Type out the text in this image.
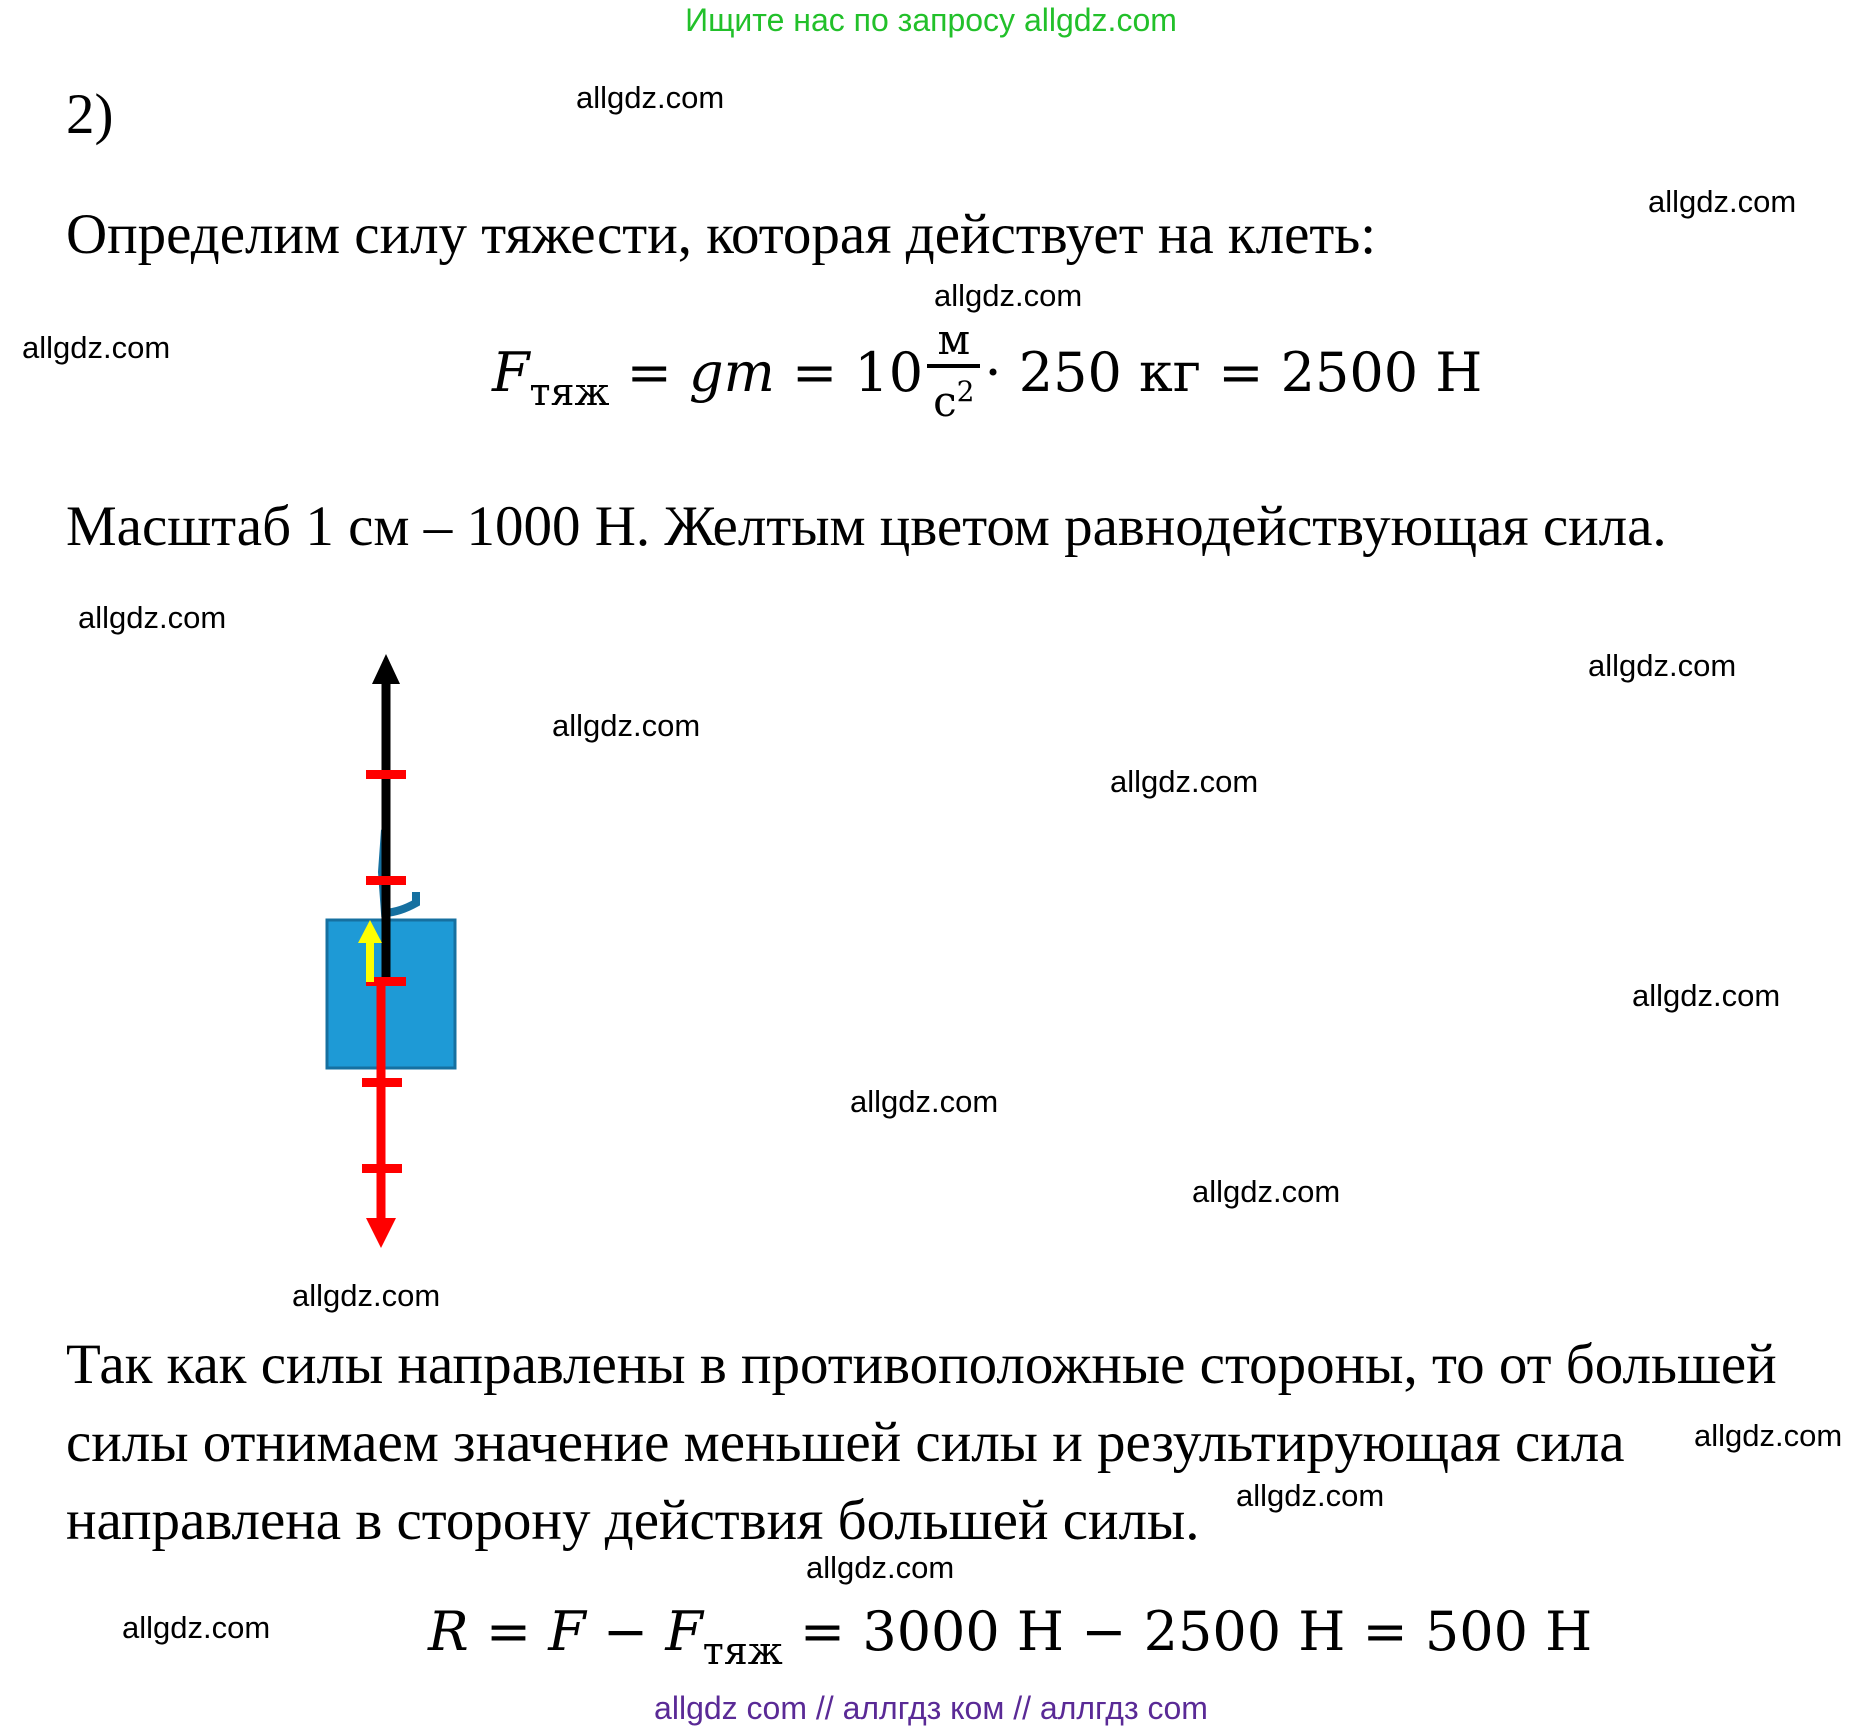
Ищите нас по запросу allgdz.com
2)
Определим силу тяжести, которая действует на клеть:
$F_{тяж}$ = gm = $10 \frac{м}{с^2} \cdot 250$ кг = 2500 Н
Масштаб 1 см – 1000 Н. Желтым цветом равнодействующая сила.
Так как силы направлены в противоположные стороны, то от большей
силы отнимаем значение меньшей силы и результирующая сила
направлена в сторону действия большей силы.
$R = F - F_{тяж} = 3000$ Н − 2500 Н = 500 Н
allgdz.com
allgdz.com
allgdz.com
allgdz.com
allgdz.com
allgdz.com
allgdz.com
allgdz.com
allgdz.com
allgdz.com
allgdz.com
allgdz.com
allgdz.com
allgdz.com
allgdz.com
allgdz.com
allgdz com // аллгдз ком // аллгдз com
